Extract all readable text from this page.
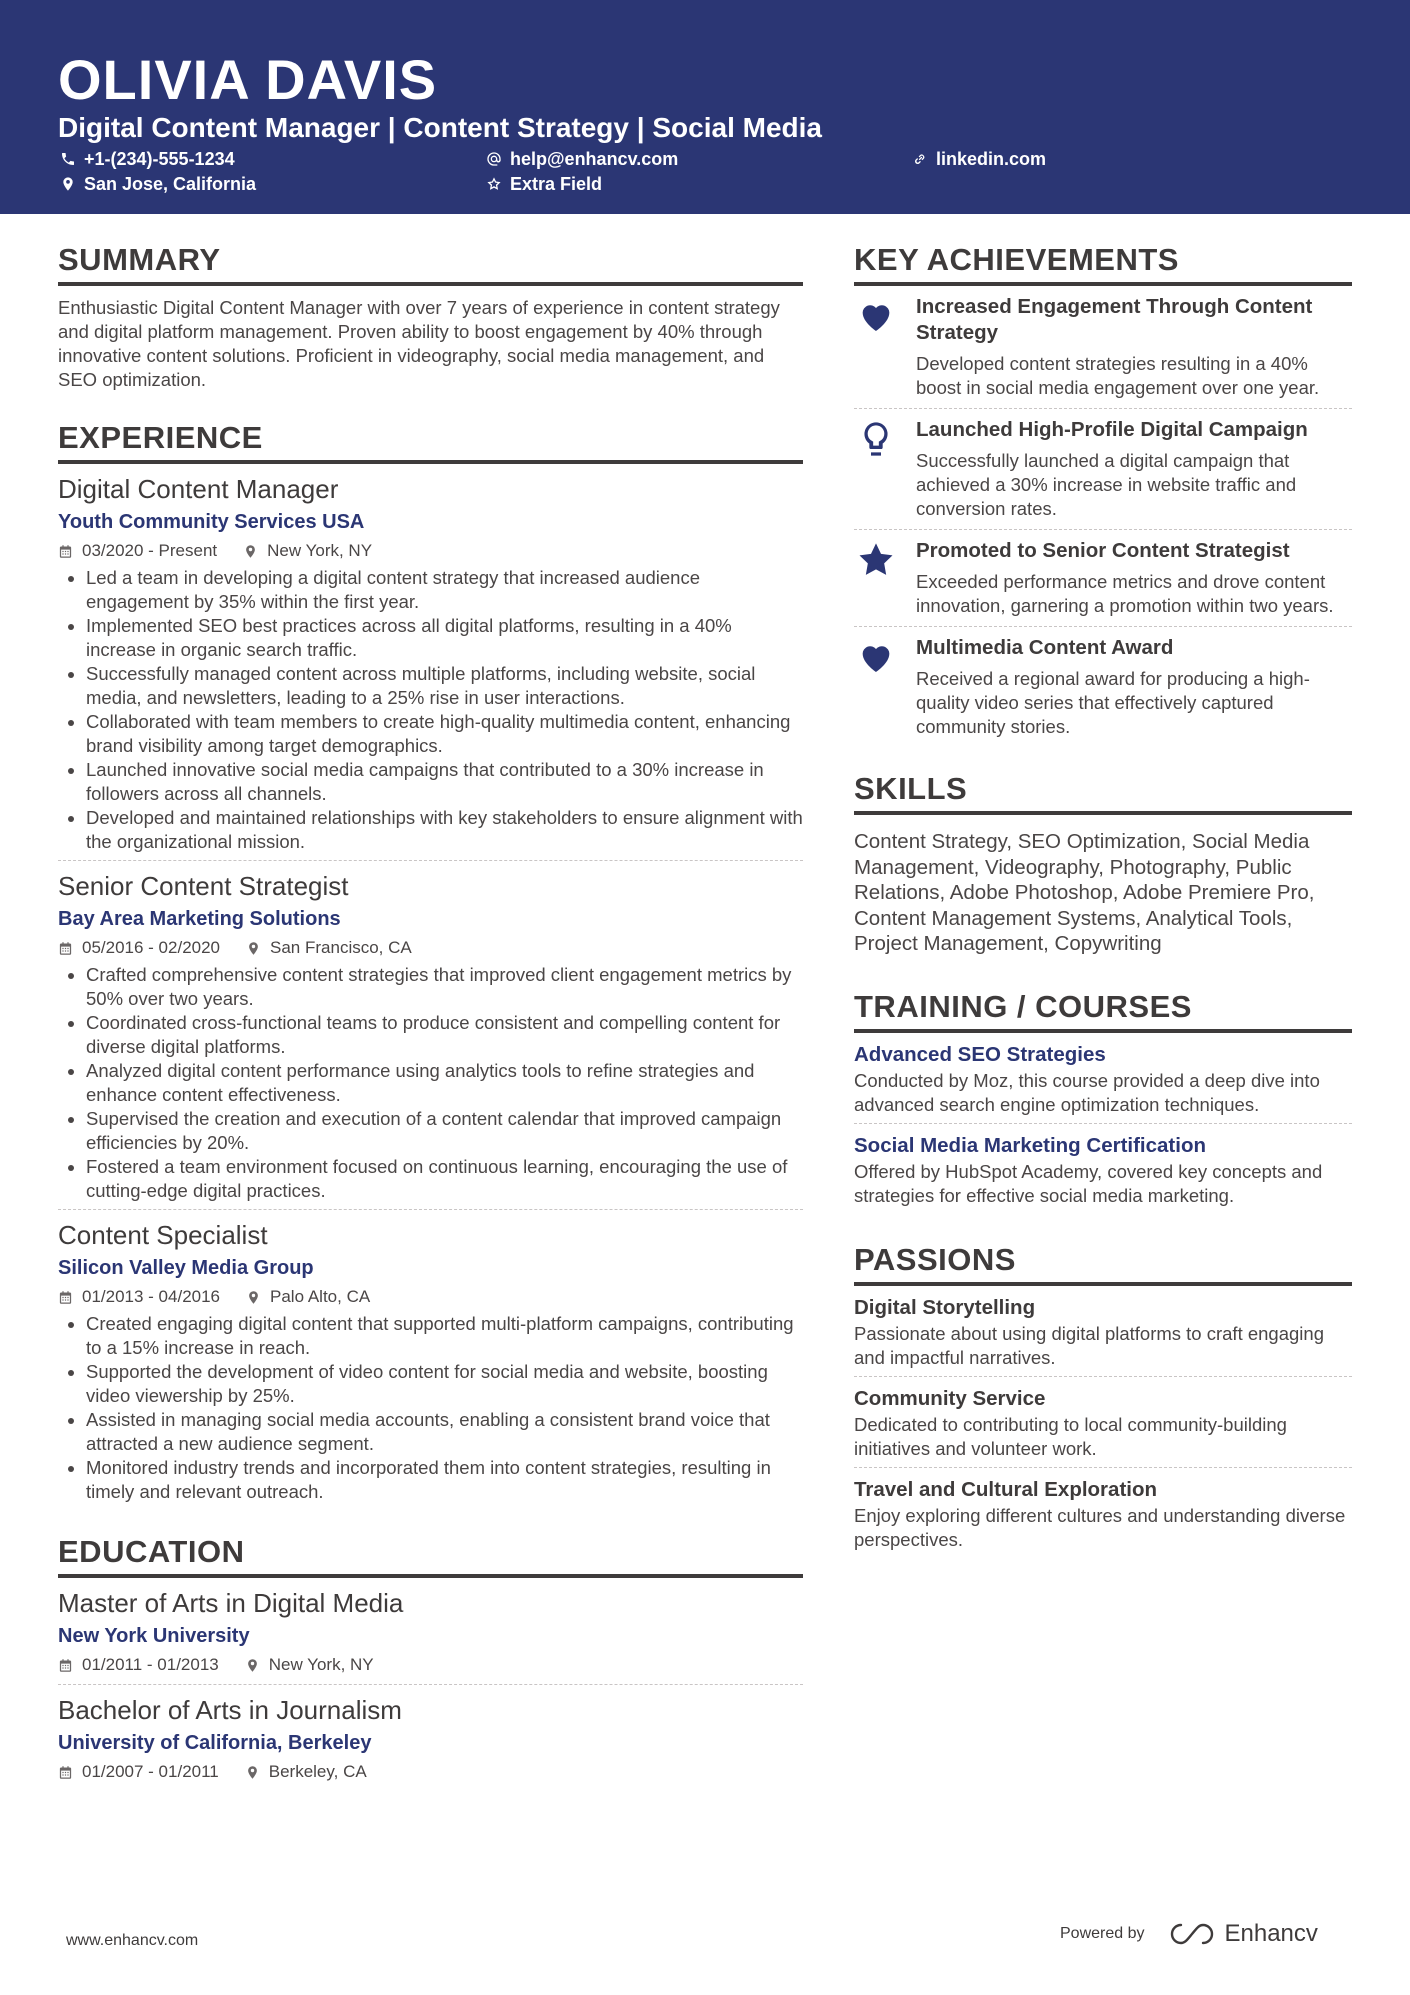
OLIVIA DAVIS
Digital Content Manager | Content Strategy | Social Media
+1-(234)-555-1234	help@enhancv.com	linkedin.com
San Jose, California	Extra Field
SUMMARY

Enthusiastic Digital Content Manager with over 7 years of experience in content strategy and digital platform management. Proven ability to boost engagement by 40% through innovative content solutions. Proficient in videography, social media management, and SEO optimization.

EXPERIENCE
Digital Content Manager
Youth Community Services USA
03/2020 - Present	New York, NY
• Led a team in developing a digital content strategy that increased audience engagement by 35% within the first year.
• Implemented SEO best practices across all digital platforms, resulting in a 40% increase in organic search traffic.
• Successfully managed content across multiple platforms, including website, social media, and newsletters, leading to a 25% rise in user interactions.
• Collaborated with team members to create high-quality multimedia content, enhancing brand visibility among target demographics.
• Launched innovative social media campaigns that contributed to a 30% increase in followers across all channels.
• Developed and maintained relationships with key stakeholders to ensure alignment with the organizational mission.
Senior Content Strategist
Bay Area Marketing Solutions
05/2016 - 02/2020	San Francisco, CA
• Crafted comprehensive content strategies that improved client engagement metrics by 50% over two years.
• Coordinated cross-functional teams to produce consistent and compelling content for diverse digital platforms.
• Analyzed digital content performance using analytics tools to refine strategies and enhance content effectiveness.
• Supervised the creation and execution of a content calendar that improved campaign efficiencies by 20%.
• Fostered a team environment focused on continuous learning, encouraging the use of cutting-edge digital practices.
Content Specialist
Silicon Valley Media Group
01/2013 - 04/2016	Palo Alto, CA
• Created engaging digital content that supported multi-platform campaigns, contributing to a 15% increase in reach.
• Supported the development of video content for social media and website, boosting video viewership by 25%.
• Assisted in managing social media accounts, enabling a consistent brand voice that attracted a new audience segment.
• Monitored industry trends and incorporated them into content strategies, resulting in timely and relevant outreach.
EDUCATION
Master of Arts in Digital Media
New York University
01/2011 - 01/2013	New York, NY
Bachelor of Arts in Journalism
University of California, Berkeley
01/2007 - 01/2011	Berkeley, CA
KEY ACHIEVEMENTS
Increased Engagement Through Content Strategy
Developed content strategies resulting in a 40% boost in social media engagement over one year.
Launched High-Profile Digital Campaign
Successfully launched a digital campaign that achieved a 30% increase in website traffic and conversion rates.
Promoted to Senior Content Strategist
Exceeded performance metrics and drove content innovation, garnering a promotion within two years.
Multimedia Content Award
Received a regional award for producing a high-quality video series that effectively captured community stories.
SKILLS

Content Strategy, SEO Optimization, Social Media Management, Videography, Photography, Public Relations, Adobe Photoshop, Adobe Premiere Pro, Content Management Systems, Analytical Tools, Project Management, Copywriting

TRAINING / COURSES
Advanced SEO Strategies
Conducted by Moz, this course provided a deep dive into advanced search engine optimization techniques.
Social Media Marketing Certification
Offered by HubSpot Academy, covered key concepts and strategies for effective social media marketing.
PASSIONS
Digital Storytelling
Passionate about using digital platforms to craft engaging and impactful narratives.
Community Service
Dedicated to contributing to local community-building initiatives and volunteer work.
Travel and Cultural Exploration
Enjoy exploring different cultures and understanding diverse perspectives.
www.enhancv.com	Powered by	Enhancv
